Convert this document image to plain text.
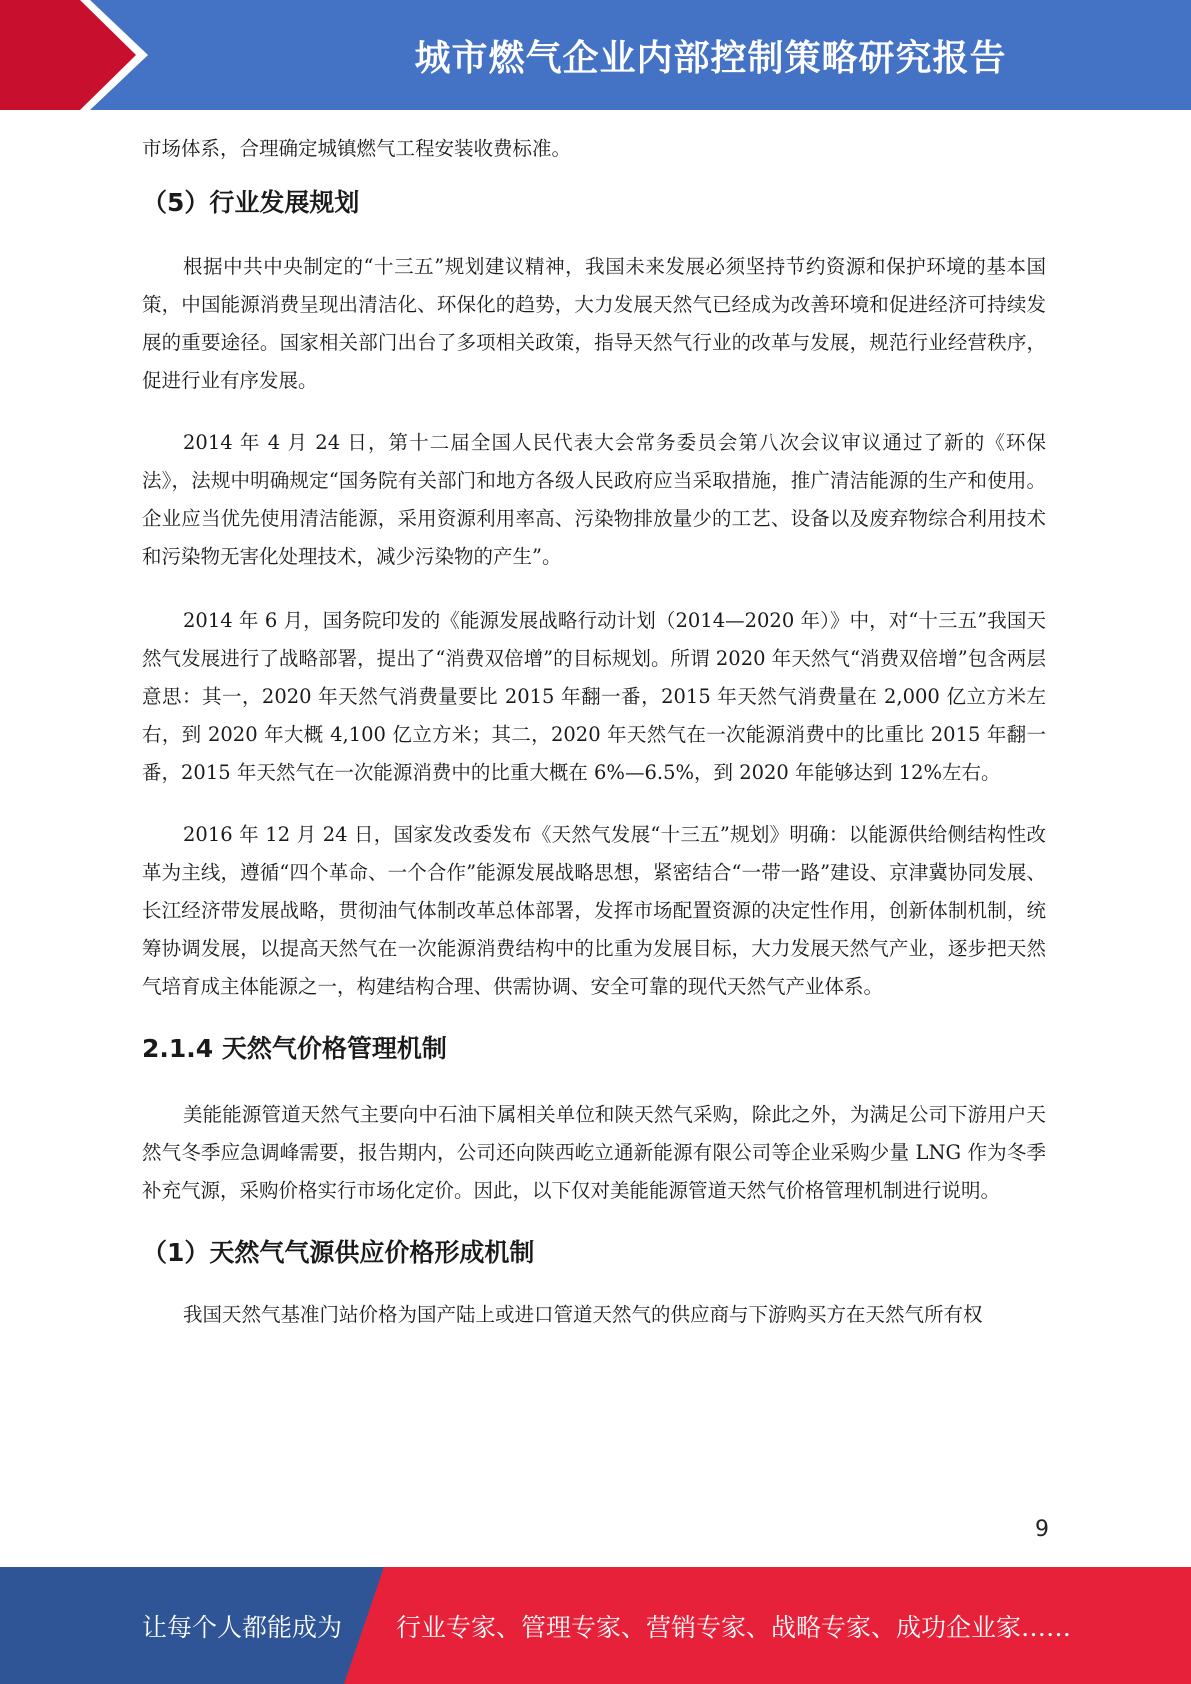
城市燃气企业内部控制策略研究报告

市场体系，合理确定城镇燃气工程安装收费标准。

（5）行业发展规划

根据中共中央制定的“十三五”规划建议精神，我国未来发展必须坚持节约资源和保护环境的基本国策，中国能源消费呈现出清洁化、环保化的趋势，大力发展天然气已经成为改善环境和促进经济可持续发展的重要途径。国家相关部门出台了多项相关政策，指导天然气行业的改革与发展，规范行业经营秩序，促进行业有序发展。

2014 年 4 月 24 日，第十二届全国人民代表大会常务委员会第八次会议审议通过了新的《环保法》，法规中明确规定“国务院有关部门和地方各级人民政府应当采取措施，推广清洁能源的生产和使用。企业应当优先使用清洁能源，采用资源利用率高、污染物排放量少的工艺、设备以及废弃物综合利用技术和污染物无害化处理技术，减少污染物的产生”。

2014 年 6 月，国务院印发的《能源发展战略行动计划（2014—2020 年）》中，对“十三五”我国天然气发展进行了战略部署，提出了“消费双倍增”的目标规划。所谓 2020 年天然气“消费双倍增”包含两层意思：其一，2020 年天然气消费量要比 2015 年翻一番，2015 年天然气消费量在 2,000 亿立方米左右，到 2020 年大概 4,100 亿立方米；其二，2020 年天然气在一次能源消费中的比重比 2015 年翻一番，2015 年天然气在一次能源消费中的比重大概在 6%—6.5%，到 2020 年能够达到 12%左右。

2016 年 12 月 24 日，国家发改委发布《天然气发展“十三五”规划》明确：以能源供给侧结构性改革为主线，遵循“四个革命、一个合作”能源发展战略思想，紧密结合“一带一路”建设、京津冀协同发展、长江经济带发展战略，贯彻油气体制改革总体部署，发挥市场配置资源的决定性作用，创新体制机制，统筹协调发展，以提高天然气在一次能源消费结构中的比重为发展目标，大力发展天然气产业，逐步把天然气培育成主体能源之一，构建结构合理、供需协调、安全可靠的现代天然气产业体系。

2.1.4 天然气价格管理机制

美能能源管道天然气主要向中石油下属相关单位和陕天然气采购，除此之外，为满足公司下游用户天然气冬季应急调峰需要，报告期内，公司还向陕西屹立通新能源有限公司等企业采购少量 LNG 作为冬季补充气源，采购价格实行市场化定价。因此，以下仅对美能能源管道天然气价格管理机制进行说明。

（1）天然气气源供应价格形成机制

我国天然气基准门站价格为国产陆上或进口管道天然气的供应商与下游购买方在天然气所有权

9
让每个人都能成为 行业专家、管理专家、营销专家、战略专家、成功企业家……
